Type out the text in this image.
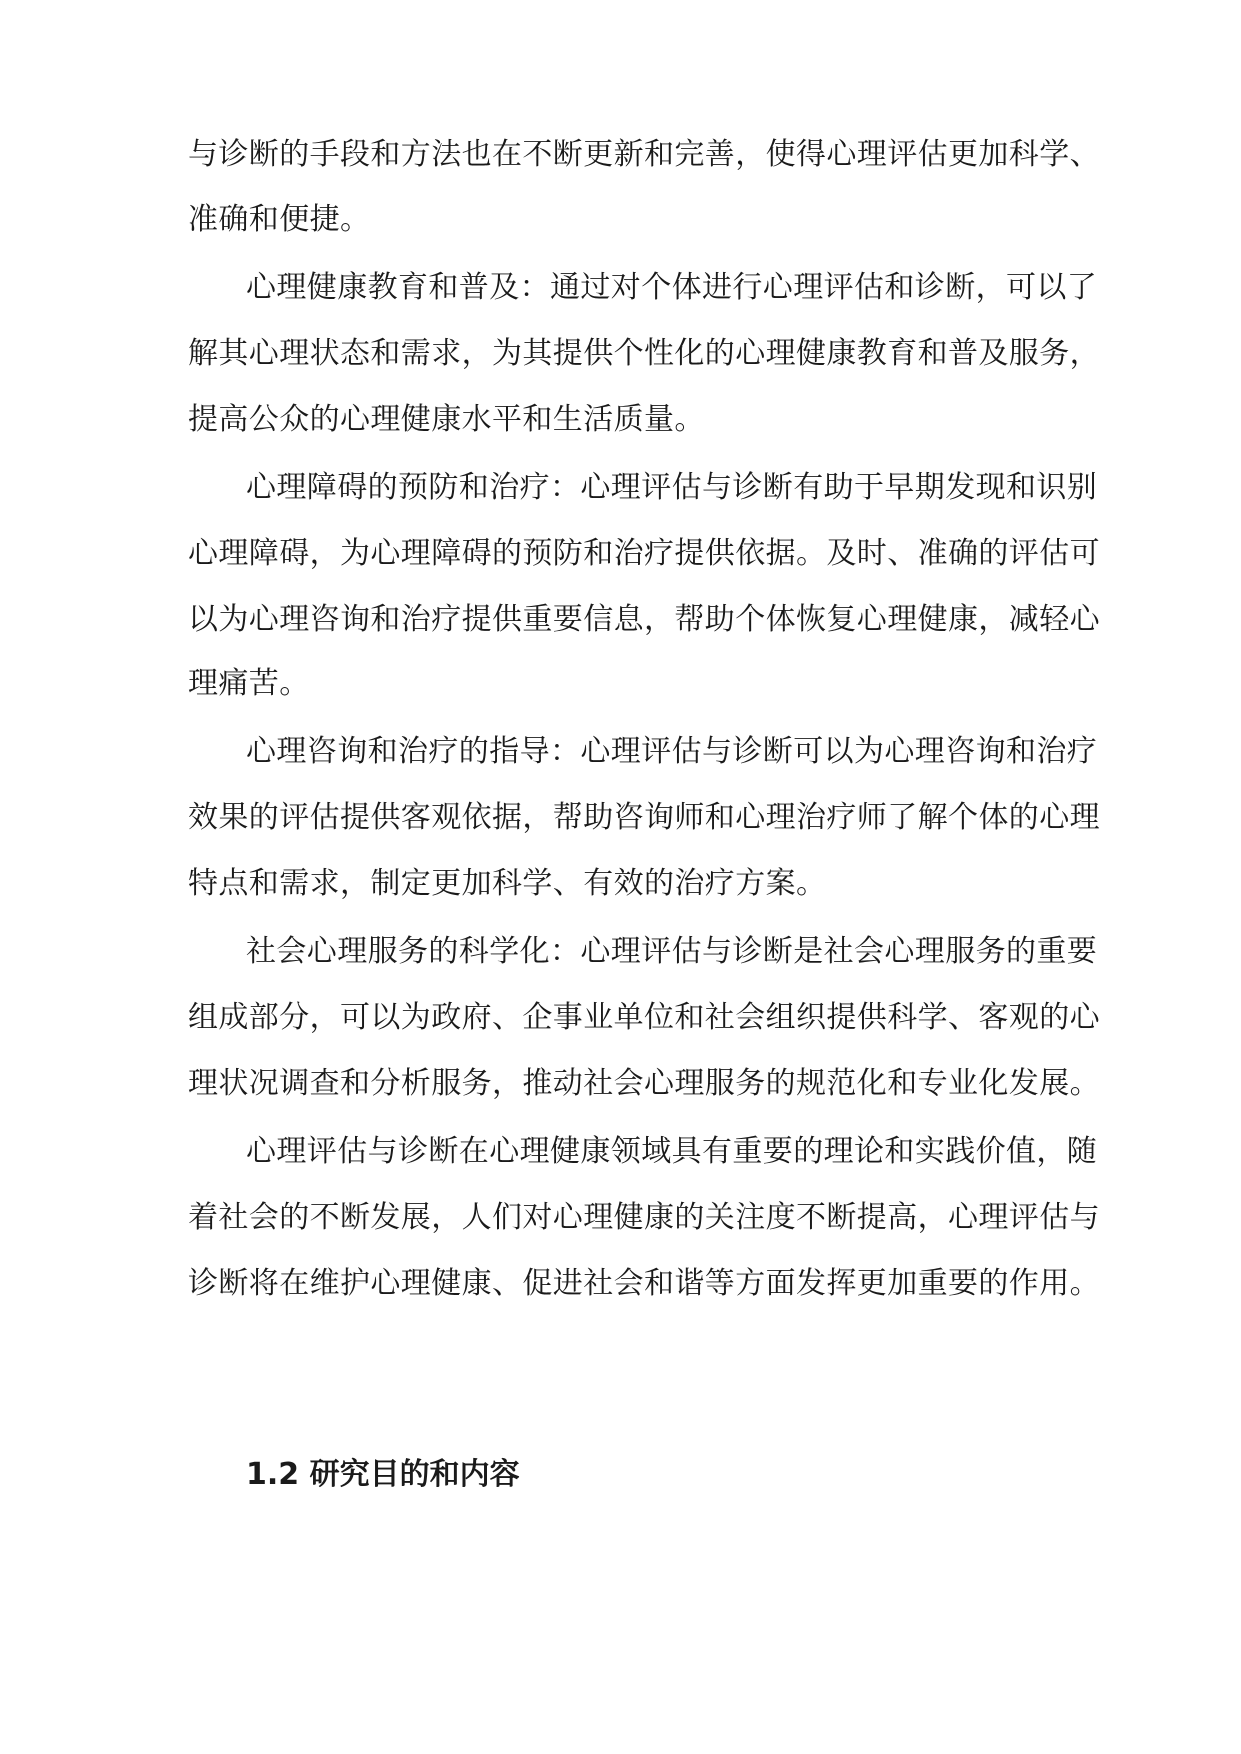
与诊断的手段和方法也在不断更新和完善，使得心理评估更加科学、
准确和便捷。
心理健康教育和普及：通过对个体进行心理评估和诊断，可以了
解其心理状态和需求，为其提供个性化的心理健康教育和普及服务，
提高公众的心理健康水平和生活质量。
心理障碍的预防和治疗：心理评估与诊断有助于早期发现和识别
心理障碍，为心理障碍的预防和治疗提供依据。及时、准确的评估可
以为心理咨询和治疗提供重要信息，帮助个体恢复心理健康，减轻心
理痛苦。
心理咨询和治疗的指导：心理评估与诊断可以为心理咨询和治疗
效果的评估提供客观依据，帮助咨询师和心理治疗师了解个体的心理
特点和需求，制定更加科学、有效的治疗方案。
社会心理服务的科学化：心理评估与诊断是社会心理服务的重要
组成部分，可以为政府、企事业单位和社会组织提供科学、客观的心
理状况调查和分析服务，推动社会心理服务的规范化和专业化发展。
心理评估与诊断在心理健康领域具有重要的理论和实践价值，随
着社会的不断发展，人们对心理健康的关注度不断提高，心理评估与
诊断将在维护心理健康、促进社会和谐等方面发挥更加重要的作用。
1.2 研究目的和内容
